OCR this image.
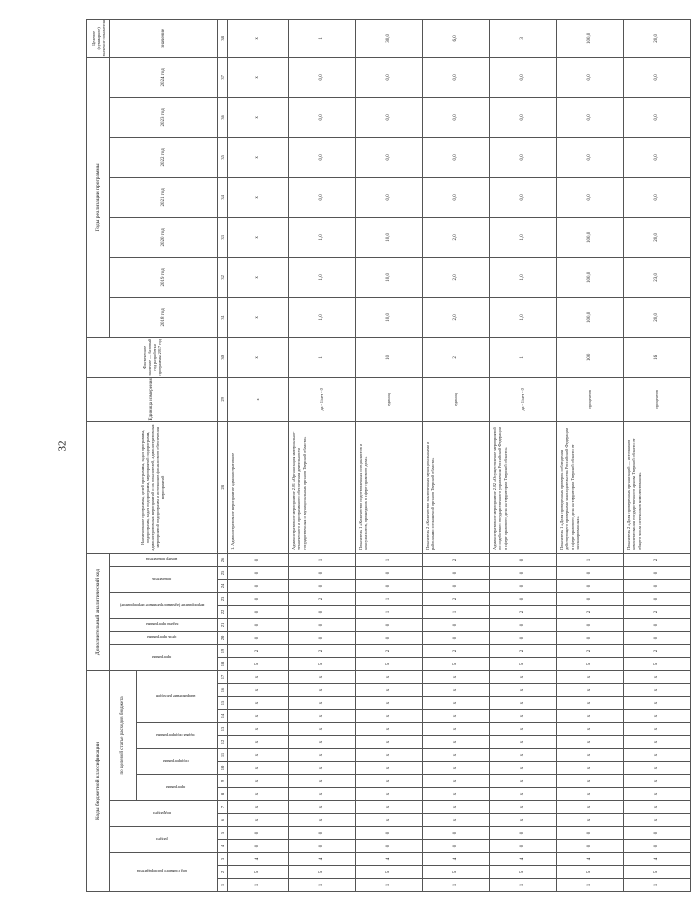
32
Коды бюджетной классификации																	Дополнительный аналитический код									Наименование программы, целей программы, задач программы, подпрограмм, задач подпрограмм, мероприятий подпрограмм, административных мероприятий и их показателей, административных мероприятий подпрограмм и источников финансового обеспечения мероприятий	Единица измерения	Фактическое значение — базовый год разработки программы 2017 год	Годы реализации программы							Целевое (суммарное) значение показателя
код главного распорядителя			раздел		подраздел		по целевой статье расходов бюджета										программа		цель программы	задача программы	мероприятие (административное мероприятие)		показатель		номер показателя				2018 год	2019 год	2020 год	2021 год	2022 год	2023 год	2024 год	значение
							программа		подпрограмма		задача подпрограммы		направление расходов																							
1	2	3	4	5	6	7	8	9	10	11	12	13	14	15	16	17	18	19	20	21	22	23	24	25	26	28	29	30	31	32	33	34	35	36	37	38
1	5	4	0	0	x	x	x	x	x	x	x	x	x	x	x	x	5	2	0	0	0	0	0	0	0	1. Административное мероприятие административное	x	x	x	x	x	x	x	x	x	x
1	5	4	0	0	x	x	x	x	x	x	x	x	x	x	x	x	5	2	0	0	0	2	0	0	1	Административное мероприятие 2.01 «Организация материально-технического и программного обеспечения деятельности государственных и муниципальных органов Тверской области»	да - 1/нет - 0	1	1,0	1,0	1,0	0,0	0,0	0,0	0,0	1
1	5	4	0	0	x	x	x	x	x	x	x	x	x	x	x	x	5	2	0	0	1	1	0	0	1	Показатель 1 «Количество подготовленных специалистов и консультантов, прошедших в сфере правового дела»	единиц	10	10,0	10,0	10,0	0,0	0,0	0,0	0,0	30,0
1	5	4	0	0	x	x	x	x	x	x	x	x	x	x	x	x	5	2	0	0	1	2	0	0	2	Показатель 2 «Количество заключенных муниципальными и районными соглашений органов Тверской области»	единиц	2	2,0	2,0	2,0	0,0	0,0	0,0	0,0	6,0
1	5	4	0	0	x	x	x	x	x	x	x	x	x	x	x	x	5	2	0	0	2	0	0	0	0	Административное мероприятие 2.02 «Осуществление мероприятий по содействию государственного управления Российской Федерации в сфере правового дела на территории Тверской области»	да - 1/нет - 0	1	1,0	1,0	1,0	0,0	0,0	0,0	0,0	3
1	5	4	0	0	x	x	x	x	x	x	x	x	x	x	x	x	5	2	0	0	2	0	0	0	1	Показатель 1 «Доля проведенных проверок соблюдения действующего проверками законодательства Российской Федерации в сфере правового дела на территории Тверской области от запланированных»	процентов	100	100,0	100,0	100,0	0,0	0,0	0,0	0,0	100,0
1	5	4	0	0	x	x	x	x	x	x	x	x	x	x	x	x	5	2	0	0	2	0	0	0	2	Показатель 2 «Доля проверенных организаций — источников комплектования государственного архива Тверской области от общего числа источников комплектования»	процентов	16	20,0	23,0	20,0	0,0	0,0	0,0	0,0	20,0
